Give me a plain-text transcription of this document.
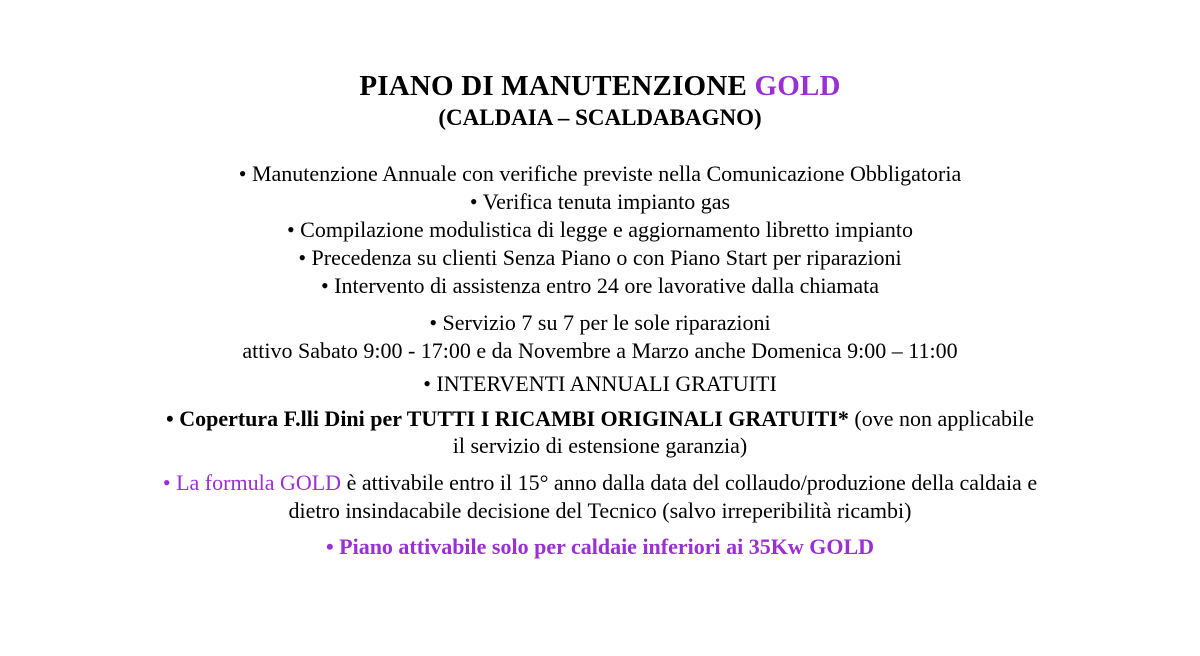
PIANO DI MANUTENZIONE GOLD
(CALDAIA – SCALDABAGNO)
• Manutenzione Annuale con verifiche previste nella Comunicazione Obbligatoria
• Verifica tenuta impianto gas
• Compilazione modulistica di legge e aggiornamento libretto impianto
• Precedenza su clienti Senza Piano o con Piano Start per riparazioni
• Intervento di assistenza entro 24 ore lavorative dalla chiamata
• Servizio 7 su 7 per le sole riparazioni
attivo Sabato 9:00 - 17:00 e da Novembre a Marzo anche Domenica 9:00 – 11:00
• INTERVENTI ANNUALI GRATUITI
• Copertura F.lli Dini per TUTTI I RICAMBI ORIGINALI GRATUITI* (ove non applicabile
il servizio di estensione garanzia)
• La formula GOLD è attivabile entro il 15° anno dalla data del collaudo/produzione della caldaia e
dietro insindacabile decisione del Tecnico (salvo irreperibilità ricambi)
• Piano attivabile solo per caldaie inferiori ai 35Kw GOLD
